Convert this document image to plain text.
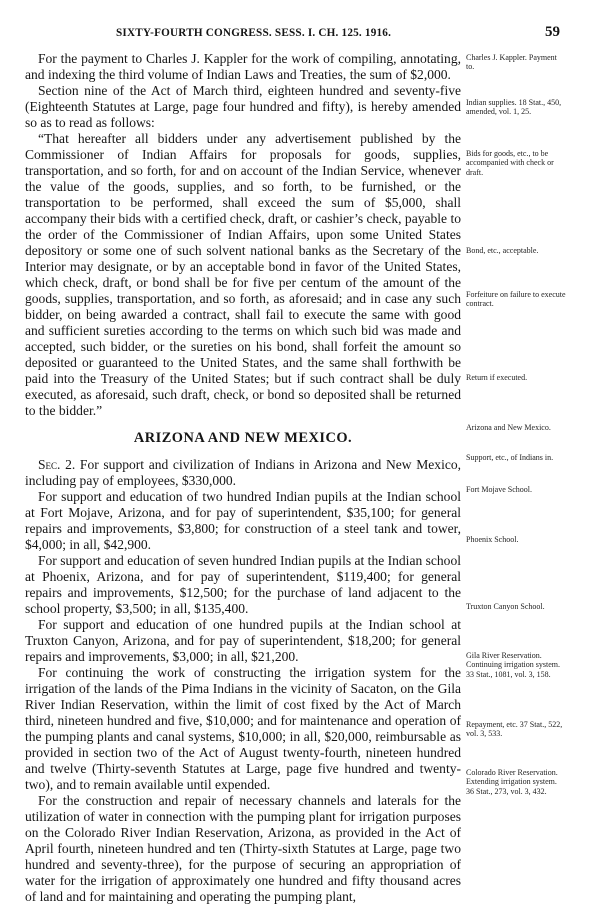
SIXTY-FOURTH CONGRESS. SESS. I. CH. 125. 1916.	59

For the payment to Charles J. Kappler for the work of compiling, annotating, and indexing the third volume of Indian Laws and Treaties, the sum of $2,000.

Section nine of the Act of March third, eighteen hundred and seventy-five (Eighteenth Statutes at Large, page four hundred and fifty), is hereby amended so as to read as follows:

“That hereafter all bidders under any advertisement published by the Commissioner of Indian Affairs for proposals for goods, supplies, transportation, and so forth, for and on account of the Indian Service, whenever the value of the goods, supplies, and so forth, to be furnished, or the transportation to be performed, shall exceed the sum of $5,000, shall accompany their bids with a certified check, draft, or cashier’s check, payable to the order of the Commissioner of Indian Affairs, upon some United States depository or some one of such solvent national banks as the Secretary of the Interior may designate, or by an acceptable bond in favor of the United States, which check, draft, or bond shall be for five per centum of the amount of the goods, supplies, transportation, and so forth, as aforesaid; and in case any such bidder, on being awarded a contract, shall fail to execute the same with good and sufficient sureties according to the terms on which such bid was made and accepted, such bidder, or the sureties on his bond, shall forfeit the amount so deposited or guaranteed to the United States, and the same shall forthwith be paid into the Treasury of the United States; but if such contract shall be duly executed, as aforesaid, such draft, check, or bond so deposited shall be returned to the bidder.”

ARIZONA AND NEW MEXICO.

Sec. 2. For support and civilization of Indians in Arizona and New Mexico, including pay of employees, $330,000.

For support and education of two hundred Indian pupils at the Indian school at Fort Mojave, Arizona, and for pay of superintendent, $35,100; for general repairs and improvements, $3,800; for construction of a steel tank and tower, $4,000; in all, $42,900.

For support and education of seven hundred Indian pupils at the Indian school at Phoenix, Arizona, and for pay of superintendent, $119,400; for general repairs and improvements, $12,500; for the purchase of land adjacent to the school property, $3,500; in all, $135,400.

For support and education of one hundred pupils at the Indian school at Truxton Canyon, Arizona, and for pay of superintendent, $18,200; for general repairs and improvements, $3,000; in all, $21,200.

For continuing the work of constructing the irrigation system for the irrigation of the lands of the Pima Indians in the vicinity of Sacaton, on the Gila River Indian Reservation, within the limit of cost fixed by the Act of March third, nineteen hundred and five, $10,000; and for maintenance and operation of the pumping plants and canal systems, $10,000; in all, $20,000, reimbursable as provided in section two of the Act of August twenty-fourth, nineteen hundred and twelve (Thirty-seventh Statutes at Large, page five hundred and twenty-two), and to remain available until expended.

For the construction and repair of necessary channels and laterals for the utilization of water in connection with the pumping plant for irrigation purposes on the Colorado River Indian Reservation, Arizona, as provided in the Act of April fourth, nineteen hundred and ten (Thirty-sixth Statutes at Large, page two hundred and seventy-three), for the purpose of securing an appropriation of water for the irrigation of approximately one hundred and fifty thousand acres of land and for maintaining and operating the pumping plant,

Charles J. Kappler. Payment to.
Indian supplies. 18 Stat., 450, amended, vol. 1, 25.
Bids for goods, etc., to be accompanied with check or draft.
Bond, etc., acceptable.
Forfeiture on failure to execute contract.
Return if executed.
Arizona and New Mexico.
Support, etc., of Indians in.
Fort Mojave School.
Phoenix School.
Truxton Canyon School.
Gila River Reservation. Continuing irrigation system. 33 Stat., 1081, vol. 3, 158.
Repayment, etc. 37 Stat., 522, vol. 3, 533.
Colorado River Reservation. Extending irrigation system. 36 Stat., 273, vol. 3, 432.
